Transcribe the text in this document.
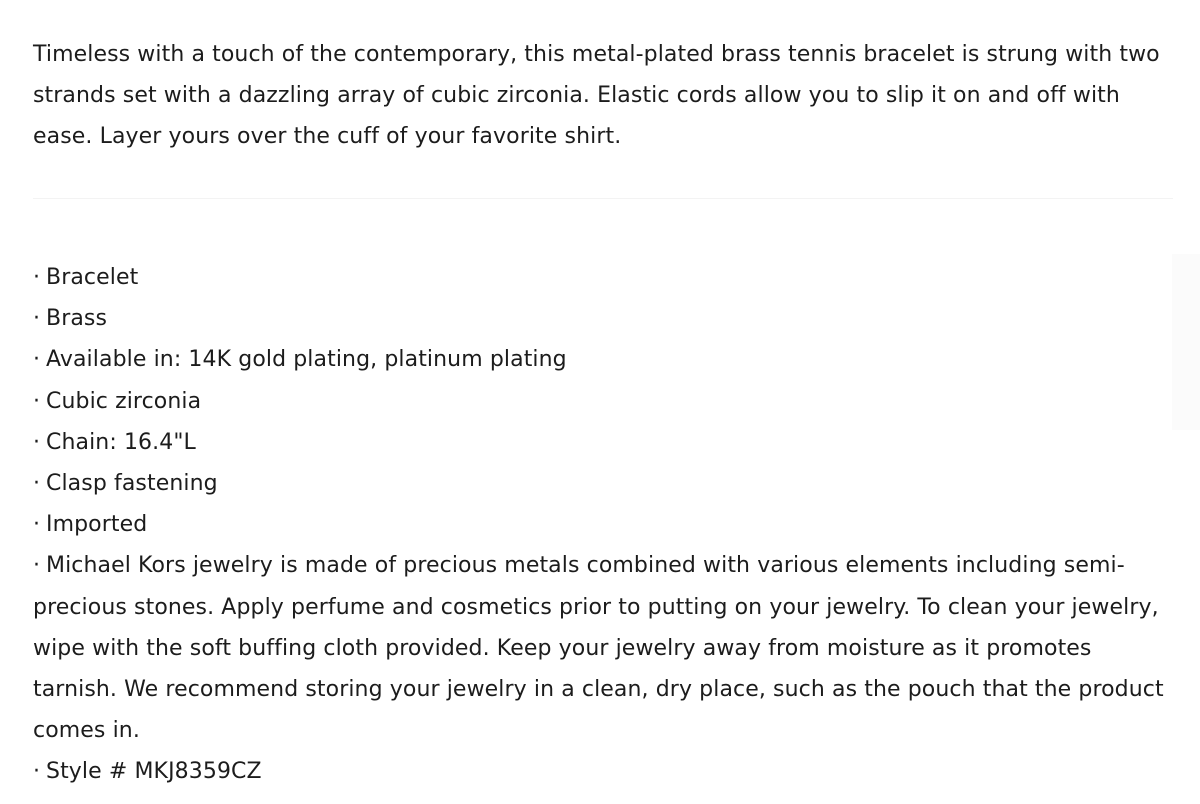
Timeless with a touch of the contemporary, this metal-plated brass tennis bracelet is strung with two strands set with a dazzling array of cubic zirconia. Elastic cords allow you to slip it on and off with ease. Layer yours over the cuff of your favorite shirt.

· Bracelet
· Brass
· Available in: 14K gold plating, platinum plating
· Cubic zirconia
· Chain: 16.4"L
· Clasp fastening
· Imported
· Michael Kors jewelry is made of precious metals combined with various elements including semi-precious stones. Apply perfume and cosmetics prior to putting on your jewelry. To clean your jewelry, wipe with the soft buffing cloth provided. Keep your jewelry away from moisture as it promotes tarnish. We recommend storing your jewelry in a clean, dry place, such as the pouch that the product comes in.
· Style # MKJ8359CZ
